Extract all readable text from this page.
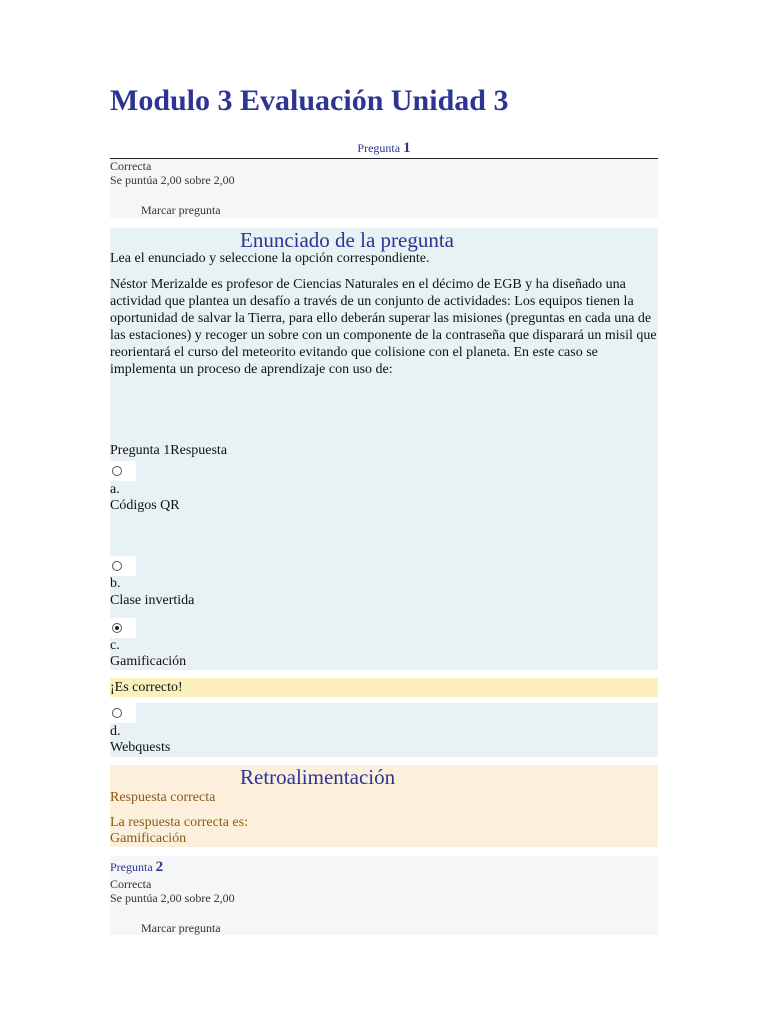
Modulo 3 Evaluación Unidad 3
Pregunta 1
Correcta
Se puntúa 2,00 sobre 2,00
Marcar pregunta
Enunciado de la pregunta
Lea el enunciado y seleccione la opción correspondiente.
Néstor Merizalde es profesor de Ciencias Naturales en el décimo de EGB y ha diseñado una actividad que plantea un desafío a través de un conjunto de actividades: Los equipos tienen la oportunidad de salvar la Tierra, para ello deberán superar las misiones (preguntas en cada una de las estaciones) y recoger un sobre con un componente de la contraseña que disparará un misil que reorientará el curso del meteorito evitando que colisione con el planeta. En este caso se implementa un proceso de aprendizaje con uso de:
Pregunta 1Respuesta
a.
Códigos QR
b.
Clase invertida
c.
Gamificación
¡Es correcto!
d.
Webquests
Retroalimentación
Respuesta correcta
La respuesta correcta es:
Gamificación
Pregunta 2
Correcta
Se puntúa 2,00 sobre 2,00
Marcar pregunta
